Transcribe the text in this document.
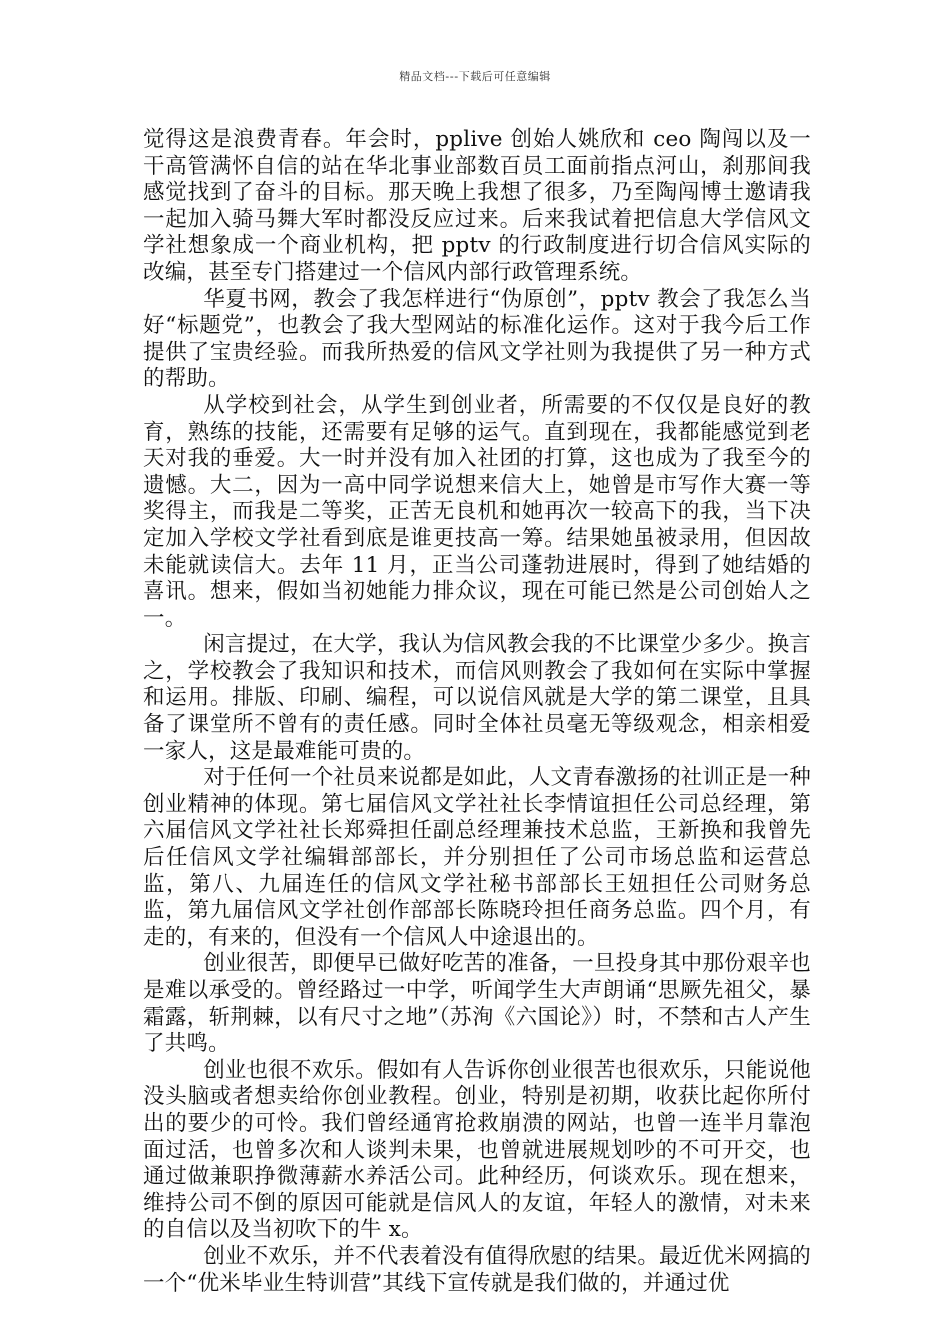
精品文档---下载后可任意编辑

觉得这是浪费青春。年会时，pplive 创始人姚欣和 ceo 陶闯以及一干高管满怀自信的站在华北事业部数百员工面前指点河山，刹那间我感觉找到了奋斗的目标。那天晚上我想了很多，乃至陶闯博士邀请我一起加入骑马舞大军时都没反应过来。后来我试着把信息大学信风文学社想象成一个商业机构，把 pptv 的行政制度进行切合信风实际的改编，甚至专门搭建过一个信风内部行政管理系统。

华夏书网，教会了我怎样进行“伪原创”，pptv 教会了我怎么当好“标题党”，也教会了我大型网站的标准化运作。这对于我今后工作提供了宝贵经验。而我所热爱的信风文学社则为我提供了另一种方式的帮助。

从学校到社会，从学生到创业者，所需要的不仅仅是良好的教育，熟练的技能，还需要有足够的运气。直到现在，我都能感觉到老天对我的垂爱。大一时并没有加入社团的打算，这也成为了我至今的遗憾。大二，因为一高中同学说想来信大上，她曾是市写作大赛一等奖得主，而我是二等奖，正苦无良机和她再次一较高下的我，当下决定加入学校文学社看到底是谁更技高一筹。结果她虽被录用，但因故未能就读信大。去年 11 月，正当公司蓬勃进展时，得到了她结婚的喜讯。想来，假如当初她能力排众议，现在可能已然是公司创始人之一。

闲言提过，在大学，我认为信风教会我的不比课堂少多少。换言之，学校教会了我知识和技术，而信风则教会了我如何在实际中掌握和运用。排版、印刷、编程，可以说信风就是大学的第二课堂，且具备了课堂所不曾有的责任感。同时全体社员毫无等级观念，相亲相爱一家人，这是最难能可贵的。

对于任何一个社员来说都是如此，人文青春激扬的社训正是一种创业精神的体现。第七届信风文学社社长李情谊担任公司总经理，第六届信风文学社社长郑舜担任副总经理兼技术总监，王新换和我曾先后任信风文学社编辑部部长，并分别担任了公司市场总监和运营总监，第八、九届连任的信风文学社秘书部部长王妞担任公司财务总监，第九届信风文学社创作部部长陈晓玲担任商务总监。四个月，有走的，有来的，但没有一个信风人中途退出的。

创业很苦，即便早已做好吃苦的准备，一旦投身其中那份艰辛也是难以承受的。曾经路过一中学，听闻学生大声朗诵“思厥先祖父，暴霜露，斩荆棘，以有尺寸之地”（苏洵《六国论》）时，不禁和古人产生了共鸣。

创业也很不欢乐。假如有人告诉你创业很苦也很欢乐，只能说他没头脑或者想卖给你创业教程。创业，特别是初期，收获比起你所付出的要少的可怜。我们曾经通宵抢救崩溃的网站，也曾一连半月靠泡面过活，也曾多次和人谈判未果，也曾就进展规划吵的不可开交，也通过做兼职挣微薄薪水养活公司。此种经历，何谈欢乐。现在想来，维持公司不倒的原因可能就是信风人的友谊，年轻人的激情，对未来的自信以及当初吹下的牛 x。

创业不欢乐，并不代表着没有值得欣慰的结果。最近优米网搞的一个“优米毕业生特训营”其线下宣传就是我们做的，并通过优
